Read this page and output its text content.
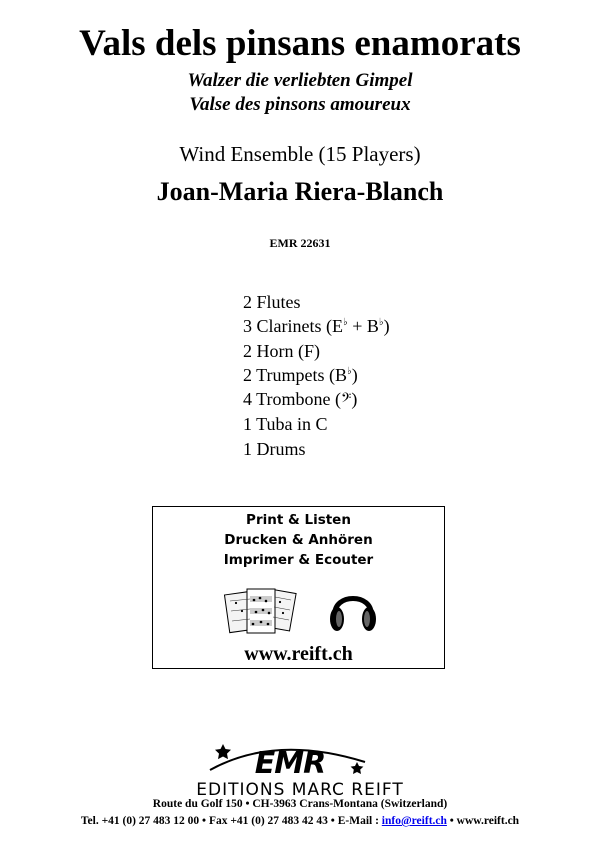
Vals dels pinsans enamorats
Walzer die verliebten Gimpel
Valse des pinsons amoureux
Wind Ensemble (15 Players)
Joan-Maria Riera-Blanch
EMR 22631
2 Flutes
3 Clarinets (E♭ + B♭)
2 Horn (F)
2 Trumpets (B♭)
4 Trombone (𝄢)
1 Tuba in C
1 Drums
Print & Listen
Drucken & Anhören
Imprimer & Ecouter
www.reift.ch
EMR
EDITIONS MARC REIFT
Route du Golf 150 • CH-3963 Crans-Montana (Switzerland)
Tel. +41 (0) 27 483 12 00 • Fax +41 (0) 27 483 42 43 • E-Mail : info@reift.ch • www.reift.ch
